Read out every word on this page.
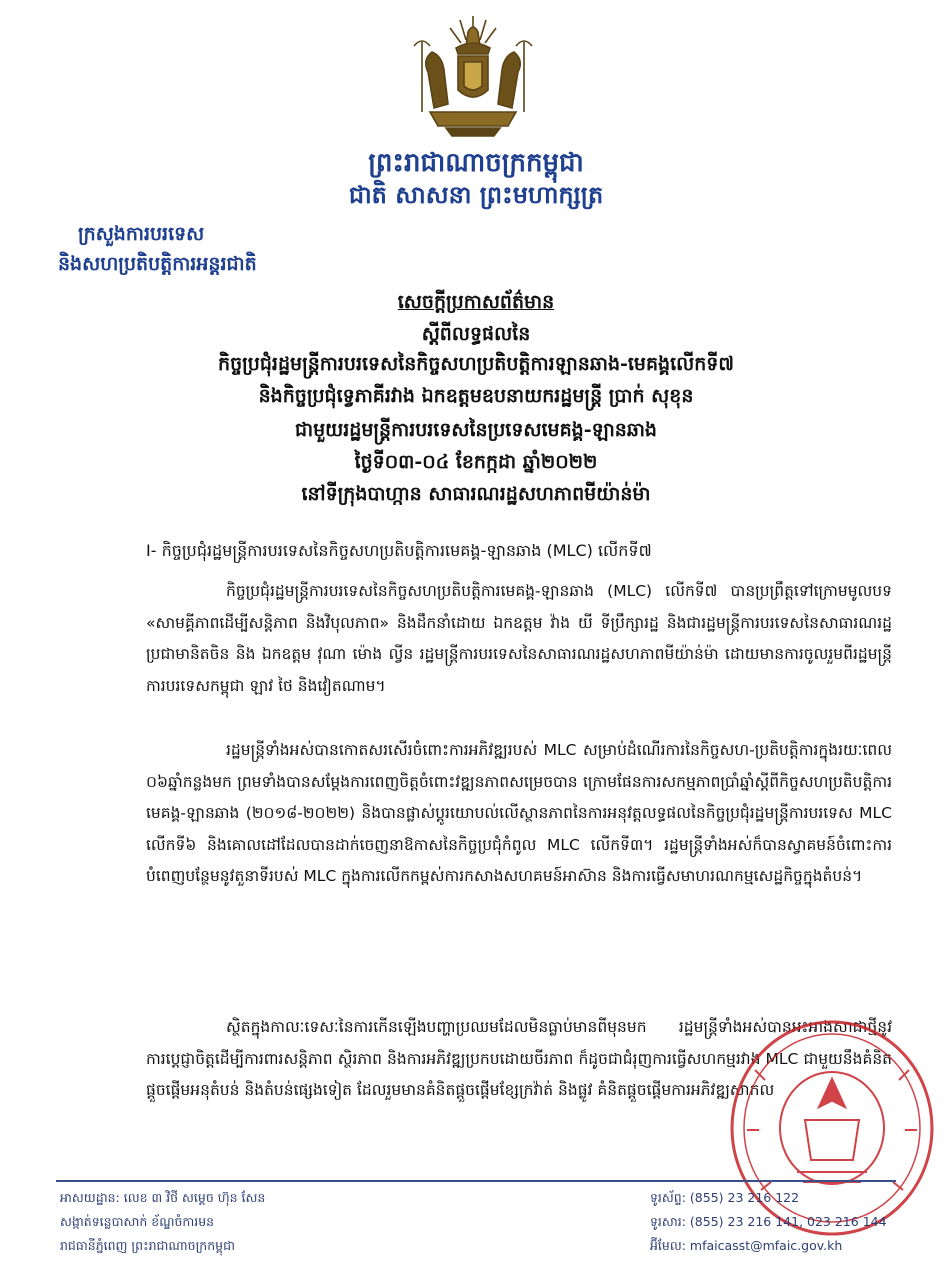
ព្រះរាជាណាចក្រកម្ពុជា
ជាតិ សាសនា ព្រះមហាក្សត្រ
ក្រសួងការបរទេស
និងសហប្រតិបត្តិការអន្តរជាតិ
សេចក្តីប្រកាសព័ត៌មាន
ស្តីពីលទ្ធផលនៃ
កិច្ចប្រជុំរដ្ឋមន្ត្រីការបរទេសនៃកិច្ចសហប្រតិបត្តិការឡានឆាង-មេគង្គលើកទី៧
និងកិច្ចប្រជុំទ្វេភាគីរវាង ឯកឧត្តមឧបនាយករដ្ឋមន្ត្រី ប្រាក់ សុខុន
ជាមួយរដ្ឋមន្ត្រីការបរទេសនៃប្រទេសមេគង្គ-ឡានឆាង
ថ្ងៃទី០៣-០៤ ខែកក្កដា ឆ្នាំ២០២២
នៅទីក្រុងបាហ្កាន សាធារណរដ្ឋសហភាពមីយ៉ាន់ម៉ា
I- កិច្ចប្រជុំរដ្ឋមន្ត្រីការបរទេសនៃកិច្ចសហប្រតិបត្តិការមេគង្គ-ឡានឆាង (MLC) លើកទី៧

កិច្ចប្រជុំរដ្ឋមន្ត្រីការបរទេសនៃកិច្ចសហប្រតិបត្តិការមេគង្គ-ឡានឆាង (MLC) លើកទី៧ បានប្រព្រឹត្តទៅក្រោមមូលបទ «សាមគ្គីភាពដើម្បីសន្តិភាព និងវិបុលភាព» និងដឹកនាំដោយ ឯកឧត្តម វ៉ាង យី ទីប្រឹក្សារដ្ឋ និងជារដ្ឋមន្ត្រីការបរទេសនៃសាធារណរដ្ឋប្រជាមានិតចិន និង ឯកឧត្តម វុណា ម៉ោង ល្វីន រដ្ឋមន្ត្រីការបរទេសនៃសាធារណរដ្ឋសហភាពមីយ៉ាន់ម៉ា ដោយមានការចូលរួមពីរដ្ឋមន្ត្រីការបរទេសកម្ពុជា ឡាវ ថៃ និងវៀតណាម។

រដ្ឋមន្ត្រីទាំងអស់បានកោតសរសើរចំពោះការអភិវឌ្ឍរបស់ MLC សម្រាប់ដំណើរការនៃកិច្ចសហ-ប្រតិបត្តិការក្នុងរយៈពេល ០៦ឆ្នាំកន្លងមក ព្រមទាំងបានសម្តែងការពេញចិត្តចំពោះវឌ្ឍនភាពសម្រេចបាន ក្រោមផែនការសកម្មភាពប្រាំឆ្នាំស្តីពីកិច្ចសហប្រតិបត្តិការមេគង្គ-ឡានឆាង (២០១៨-២០២២) និងបានផ្លាស់ប្តូរយោបល់លើស្ថានភាពនៃការអនុវត្តលទ្ធផលនៃកិច្ចប្រជុំរដ្ឋមន្ត្រីការបរទេស MLC លើកទី៦ និងគោលដៅដែលបានដាក់ចេញនាឱកាសនៃកិច្ចប្រជុំកំពូល MLC លើកទី៣។ រដ្ឋមន្ត្រីទាំងអស់ក៏បានស្វាគមន៍ចំពោះការបំពេញបន្ថែមនូវតួនាទីរបស់ MLC ក្នុងការលើកកម្ពស់ការកសាងសហគមន៍អាស៊ាន និងការធ្វើសមាហរណកម្មសេដ្ឋកិច្ចក្នុងតំបន់។

ស្ថិតក្នុងកាលៈទេសៈនៃការកើនឡើងបញ្ហាប្រឈមដែលមិនធ្លាប់មានពីមុនមក រដ្ឋមន្ត្រីទាំងអស់បានអះអាងសាជាថ្មីនូវការប្តេជ្ញាចិត្តដើម្បីការពារសន្តិភាព ស្ថិរភាព និងការអភិវឌ្ឍប្រកបដោយចីរភាព ក៏ដូចជាជំរុញការធ្វើសហកម្មរវាង MLC ជាមួយនឹងគំនិតផ្តួចផ្តើមអនុតំបន់ និងតំបន់ផ្សេងទៀត ដែលរួមមានគំនិតផ្តួចផ្តើមខ្សែក្រវ៉ាត់ និងផ្លូវ គំនិតផ្តួចផ្តើមការអភិវឌ្ឍសាកល

អាសយដ្ឋាន: លេខ ៣ វិថី សម្តេច ហ៊ុន សែន
សង្កាត់ទន្លេបាសាក់ ខ័ណ្ឌចំការមន
រាជធានីភ្នំពេញ ព្រះរាជាណាចក្រកម្ពុជា
ទូរស័ព្ទ: (855) 23 216 122
ទូរសារ: (855) 23 216 141, 023 216 144
អ៊ីមែល: mfaicasst@mfaic.gov.kh
